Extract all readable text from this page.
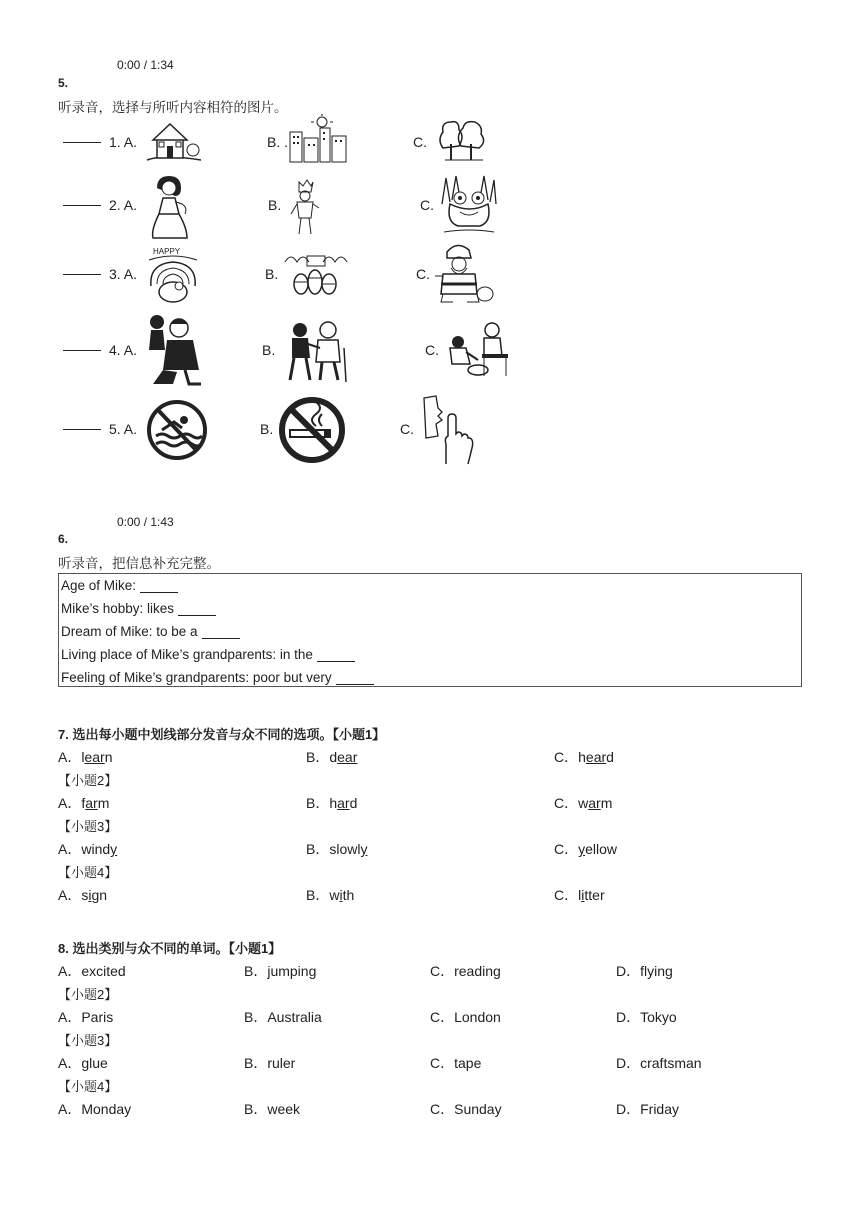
0:00 / 1:34
5.
听录音，选择与所听内容相符的图片。
1. A.	B. .	C.
2. A.	B.	C.
3. A.	B.	C.
HAPPY
4. A.	B.	C.
5. A.	B.	C.
0:00 / 1:43
6.
听录音，把信息补充完整。
Age of Mike:
Mike’s hobby: likes
Dream of Mike: to be a
Living place of Mike’s grandparents: in the
Feeling of Mike’s grandparents: poor but very
7. 选出每小题中划线部分发音与众不同的选项。【小题1】
A．learn	B．dear	C．heard
【小题2】
A．farm	B．hard	C．warm
【小题3】
A．windy	B．slowly	C．yellow
【小题4】
A．sign	B．with	C．litter
8. 选出类别与众不同的单词。【小题1】
A．excited	B．jumping	C．reading	D．flying
【小题2】
A．Paris	B．Australia	C．London	D．Tokyo
【小题3】
A．glue	B．ruler	C．tape	D．craftsman
【小题4】
A．Monday	B．week	C．Sunday	D．Friday
